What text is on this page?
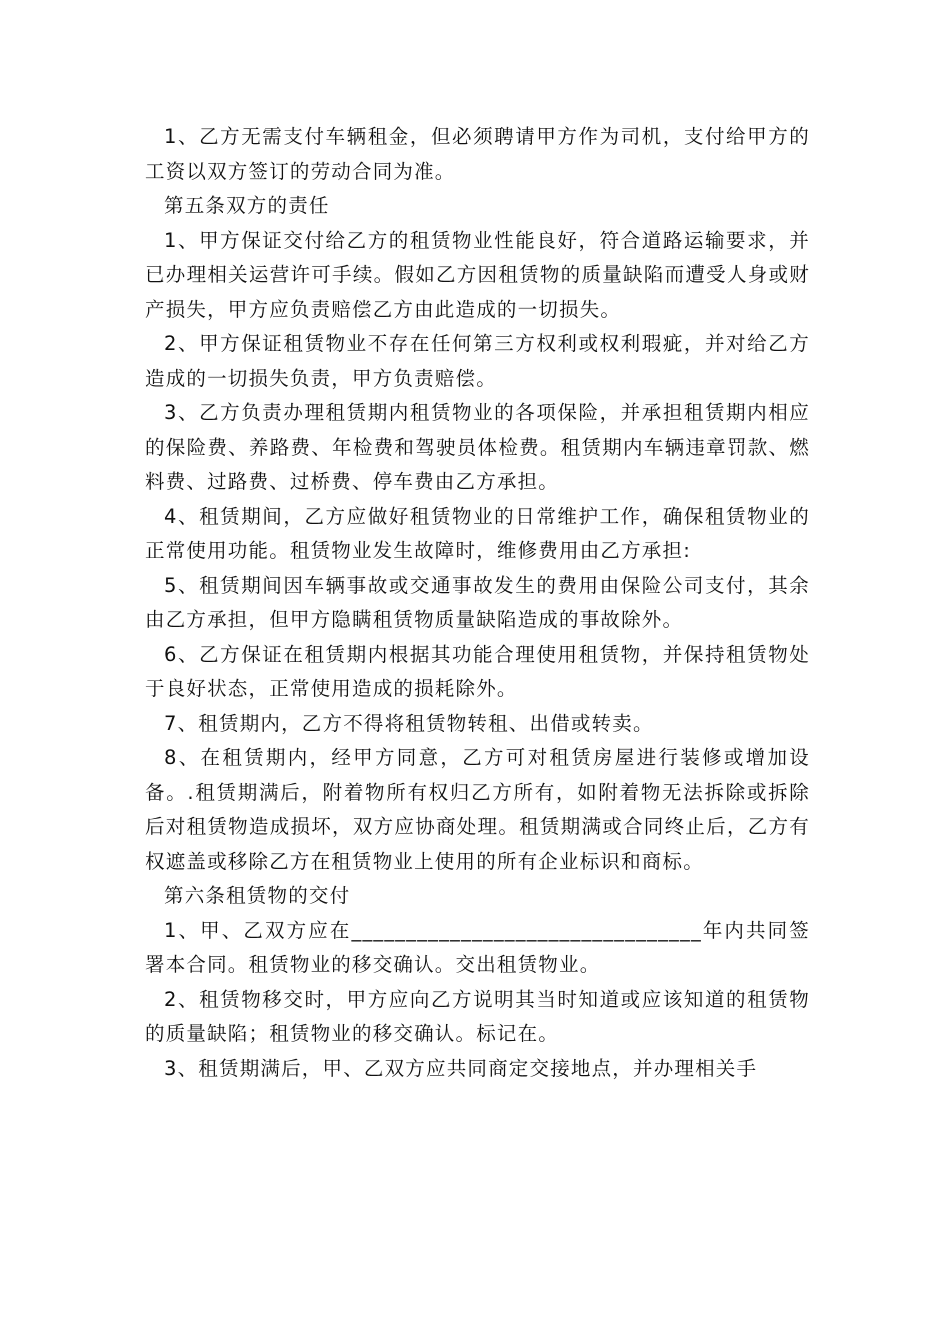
1、乙方无需支付车辆租金，但必须聘请甲方作为司机，支付给甲方的工资以双方签订的劳动合同为准。

第五条双方的责任

1、甲方保证交付给乙方的租赁物业性能良好，符合道路运输要求，并已办理相关运营许可手续。假如乙方因租赁物的质量缺陷而遭受人身或财产损失，甲方应负责赔偿乙方由此造成的一切损失。

2、甲方保证租赁物业不存在任何第三方权利或权利瑕疵，并对给乙方造成的一切损失负责，甲方负责赔偿。

3、乙方负责办理租赁期内租赁物业的各项保险，并承担租赁期内相应的保险费、养路费、年检费和驾驶员体检费。租赁期内车辆违章罚款、燃料费、过路费、过桥费、停车费由乙方承担。

4、租赁期间，乙方应做好租赁物业的日常维护工作，确保租赁物业的正常使用功能。租赁物业发生故障时，维修费用由乙方承担:

5、租赁期间因车辆事故或交通事故发生的费用由保险公司支付，其余由乙方承担，但甲方隐瞒租赁物质量缺陷造成的事故除外。

6、乙方保证在租赁期内根据其功能合理使用租赁物，并保持租赁物处于良好状态，正常使用造成的损耗除外。

7、租赁期内，乙方不得将租赁物转租、出借或转卖。

8、在租赁期内，经甲方同意，乙方可对租赁房屋进行装修或增加设备。.租赁期满后，附着物所有权归乙方所有，如附着物无法拆除或拆除后对租赁物造成损坏，双方应协商处理。租赁期满或合同终止后，乙方有权遮盖或移除乙方在租赁物业上使用的所有企业标识和商标。

第六条租赁物的交付

1、甲、乙双方应在________________________________年内共同签署本合同。租赁物业的移交确认。交出租赁物业。

2、租赁物移交时，甲方应向乙方说明其当时知道或应该知道的租赁物的质量缺陷；租赁物业的移交确认。标记在。

3、租赁期满后，甲、乙双方应共同商定交接地点，并办理相关手
